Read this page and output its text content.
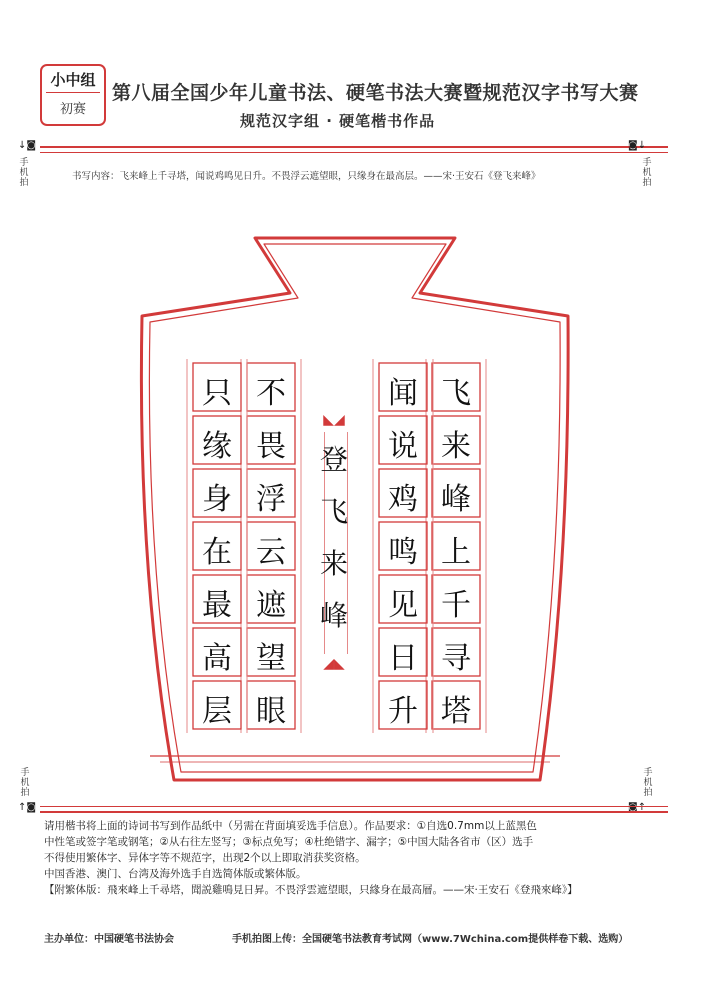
小中组
初赛
第八届全国少年儿童书法、硬笔书法大赛暨规范汉字书写大赛
规范汉字组 · 硬笔楷书作品
↓◙
手机拍
◙↓
手机拍
书写内容：飞来峰上千寻塔，闻说鸡鸣见日升。不畏浮云遮望眼，只缘身在最高层。——宋·王安石《登飞来峰》
飞
来
峰
上
千
寻
塔
闻
说
鸡
鸣
见
日
升
不
畏
浮
云
遮
望
眼
只
缘
身
在
最
高
层
◣◢
◢◣
登
飞
来
峰
手机拍
↑◙
手机拍
◙↑
请用楷书将上面的诗词书写到作品纸中（另需在背面填妥选手信息）。作品要求：①自选0.7mm以上蓝黑色
中性笔或签字笔或钢笔；②从右往左竖写；③标点免写；④杜绝错字、漏字；⑤中国大陆各省市（区）选手
不得使用繁体字、异体字等不规范字，出现2个以上即取消获奖资格。
中国香港、澳门、台湾及海外选手自选简体版或繁体版。
【附繁体版：飛來峰上千尋塔，聞説雞鳴見日昇。不畏浮雲遮望眼，只緣身在最高層。——宋·王安石《登飛來峰》】
主办单位：中国硬笔书法协会	手机拍图上传：全国硬笔书法教育考试网（www.7Wchina.com提供样卷下载、选购）
